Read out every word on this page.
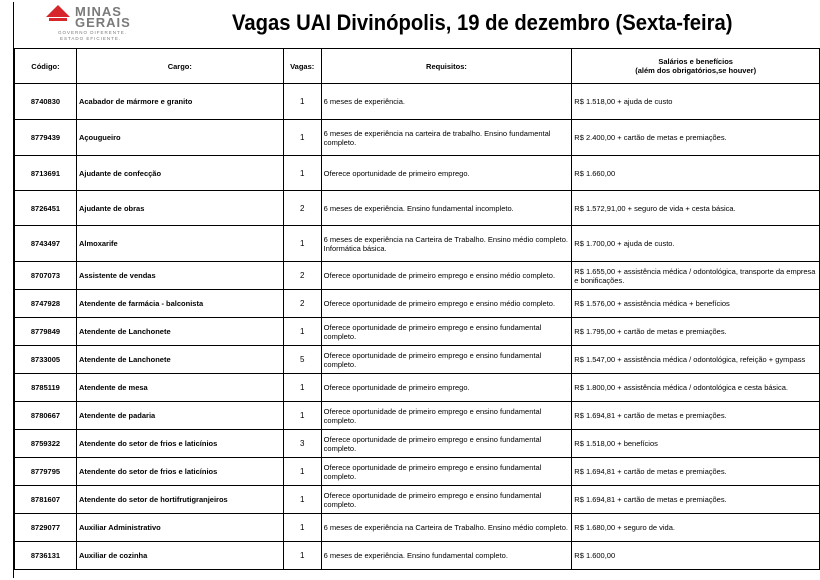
MINAS
GERAIS
GOVERNO DIFERENTE.
ESTADO EFICIENTE.
Vagas UAI Divinópolis, 19 de dezembro (Sexta-feira)
Código:	Cargo:	Vagas:	Requisitos:	Salários e benefícios
(além dos obrigatórios,se houver)

8740830	Acabador de mármore e granito	1	6 meses de experiência.	R$ 1.518,00 + ajuda de custo
8779439	Açougueiro	1	6 meses de experiência na carteira de trabalho. Ensino fundamental completo.	R$ 2.400,00 + cartão de metas e premiações.
8713691	Ajudante de confecção	1	Oferece oportunidade de primeiro emprego.	R$ 1.660,00
8726451	Ajudante de obras	2	6 meses de experiência. Ensino fundamental incompleto.	R$ 1.572,91,00 + seguro de vida + cesta básica.
8743497	Almoxarife	1	6 meses de experiência na Carteira de Trabalho. Ensino médio completo. Informática básica.	R$ 1.700,00 + ajuda de custo.
8707073	Assistente de vendas	2	Oferece oportunidade de primeiro emprego e ensino médio completo.	R$ 1.655,00 + assistência médica / odontológica, transporte da empresa e bonificações.
8747928	Atendente de farmácia - balconista	2	Oferece oportunidade de primeiro emprego e ensino médio completo.	R$ 1.576,00 + assistência médica + benefícios
8779849	Atendente de Lanchonete	1	Oferece oportunidade de primeiro emprego e ensino fundamental completo.	R$ 1.795,00 + cartão de metas e premiações.
8733005	Atendente de Lanchonete	5	Oferece oportunidade de primeiro emprego e ensino fundamental completo.	R$ 1.547,00 + assistência médica / odontológica, refeição + gympass
8785119	Atendente de mesa	1	Oferece oportunidade de primeiro emprego.	R$ 1.800,00 + assistência médica / odontológica e cesta básica.
8780667	Atendente de padaria	1	Oferece oportunidade de primeiro emprego e ensino fundamental completo.	R$ 1.694,81 + cartão de metas e premiações.
8759322	Atendente do setor de frios e laticínios	3	Oferece oportunidade de primeiro emprego e ensino fundamental completo.	R$ 1.518,00 + benefícios
8779795	Atendente do setor de frios e laticínios	1	Oferece oportunidade de primeiro emprego e ensino fundamental completo.	R$ 1.694,81 + cartão de metas e premiações.
8781607	Atendente do setor de hortifrutigranjeiros	1	Oferece oportunidade de primeiro emprego e ensino fundamental completo.	R$ 1.694,81 + cartão de metas e premiações.
8729077	Auxiliar Administrativo	1	6 meses de experiência na Carteira de Trabalho. Ensino médio completo.	R$ 1.680,00 + seguro de vida.
8736131	Auxiliar de cozinha	1	6 meses de experiência. Ensino fundamental completo.	R$ 1.600,00
